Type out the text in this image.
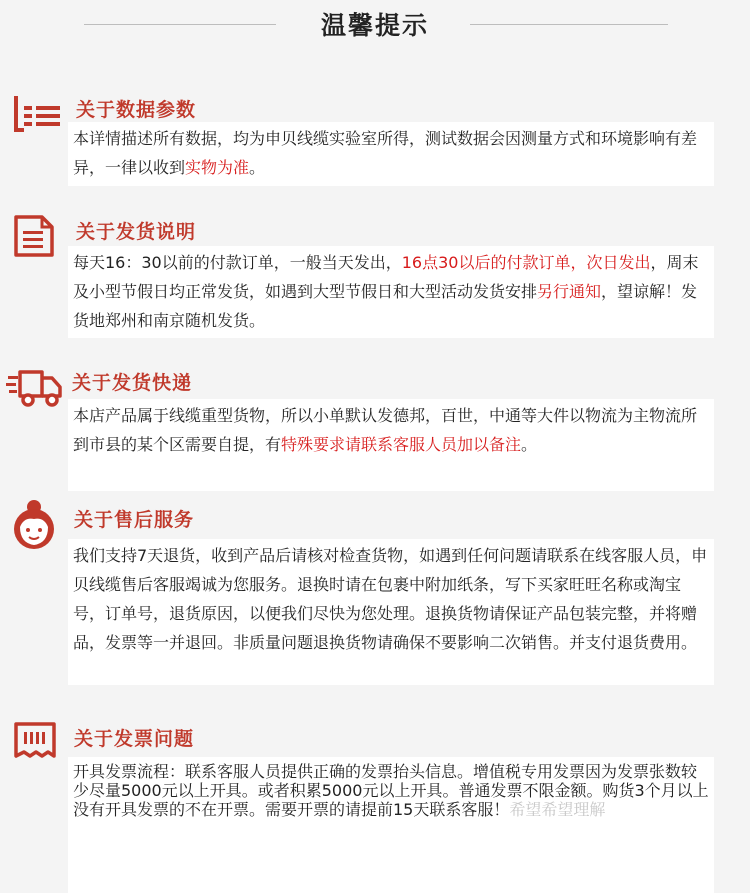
温馨提示
关于数据参数
本详情描述所有数据，均为申贝线缆实验室所得，测试数据会因测量方式和环境影响有差异，一律以收到实物为准。
关于发货说明
每天16：30以前的付款订单，一般当天发出，16点30以后的付款订单，次日发出，周末及小型节假日均正常发货，如遇到大型节假日和大型活动发货安排另行通知，望谅解！发货地郑州和南京随机发货。
关于发货快递
本店产品属于线缆重型货物，所以小单默认发德邦，百世，中通等大件以物流为主物流所到市县的某个区需要自提，有特殊要求请联系客服人员加以备注。
关于售后服务
我们支持7天退货，收到产品后请核对检查货物，如遇到任何问题请联系在线客服人员，申贝线缆售后客服竭诚为您服务。退换时请在包裹中附加纸条，写下买家旺旺名称或淘宝号，订单号，退货原因，以便我们尽快为您处理。退换货物请保证产品包装完整，并将赠品，发票等一并退回。非质量问题退换货物请确保不要影响二次销售。并支付退货费用。
关于发票问题
开具发票流程：联系客服人员提供正确的发票抬头信息。增值税专用发票因为发票张数较少尽量5000元以上开具。或者积累5000元以上开具。普通发票不限金额。购货3个月以上没有开具发票的不在开票。需要开票的请提前15天联系客服！希望希望理解
